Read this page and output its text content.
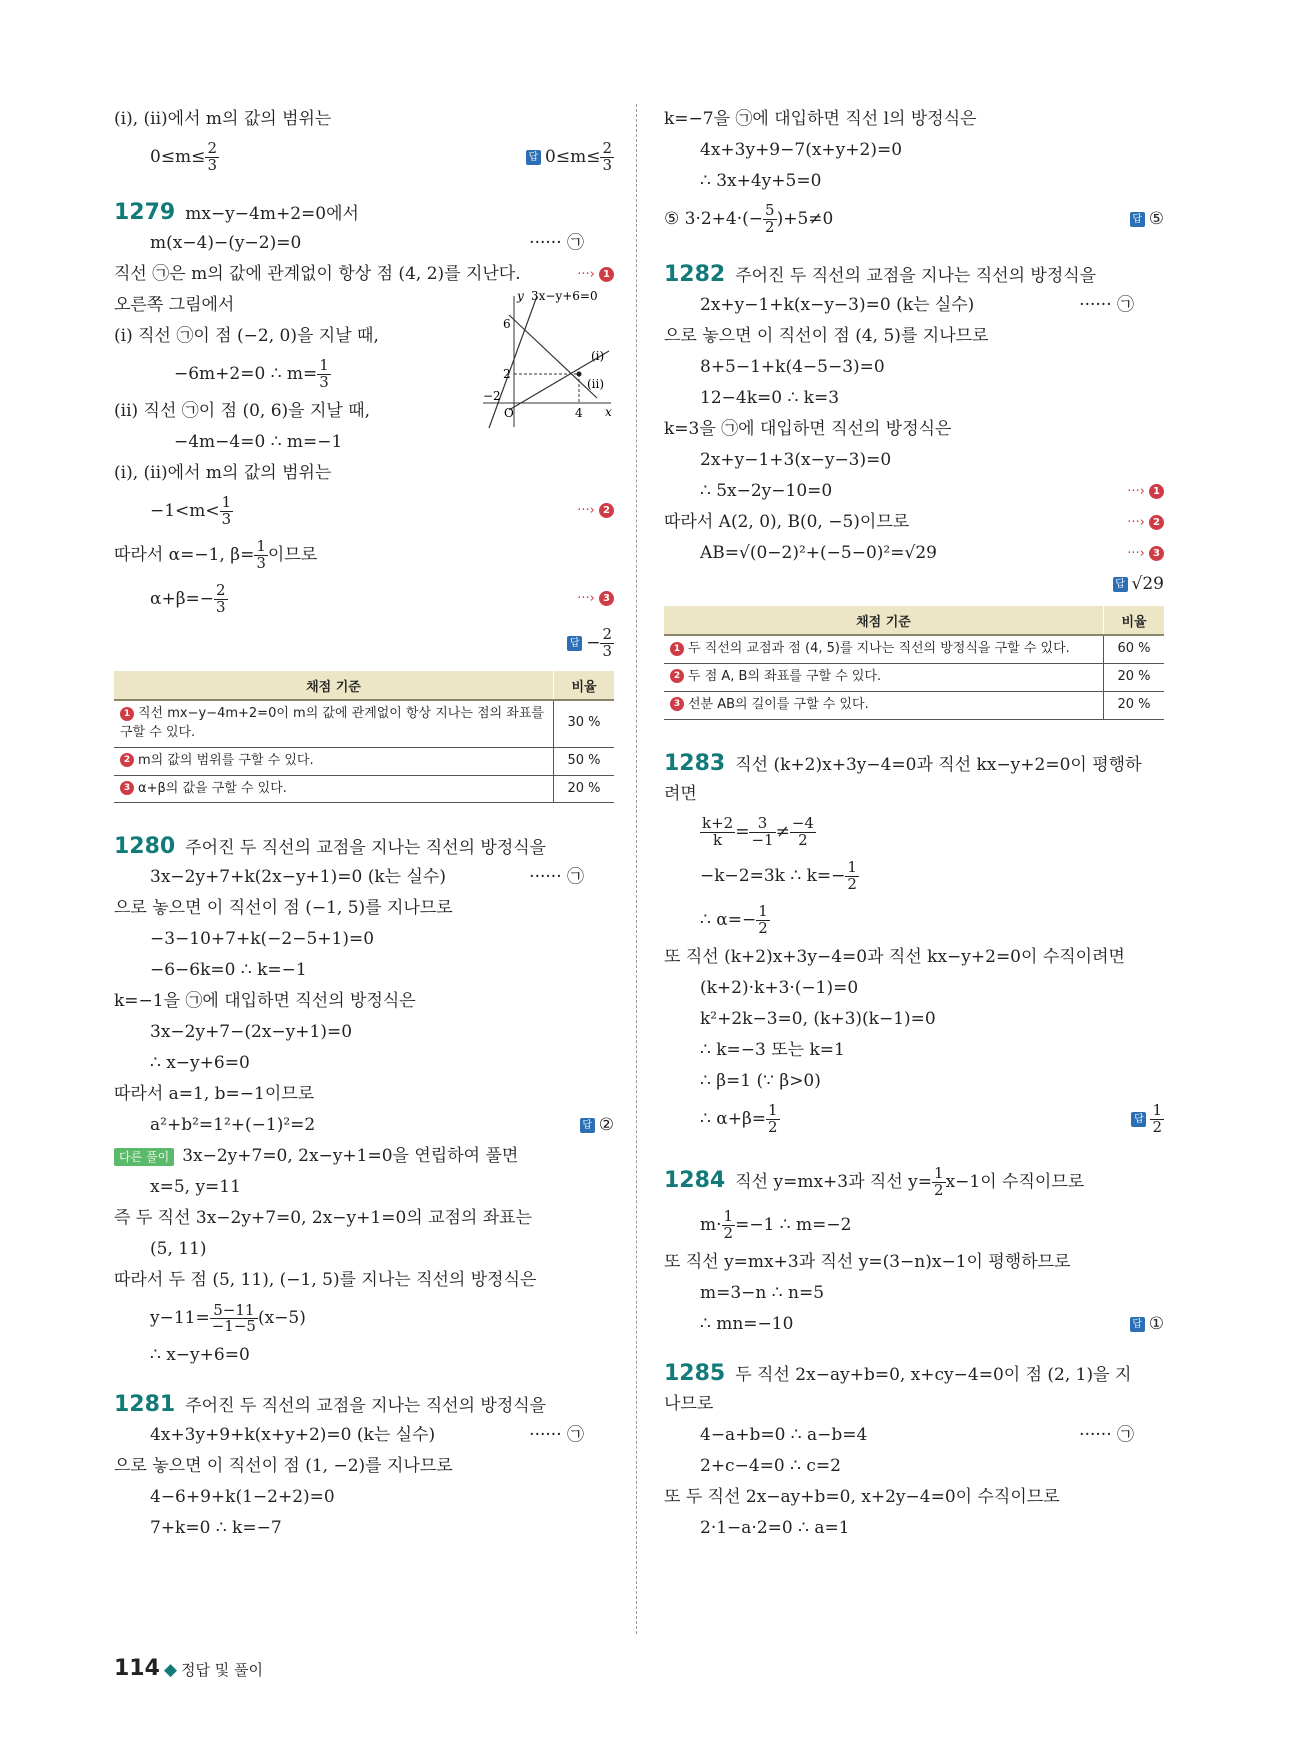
(i), (ii)에서 m의 값의 범위는
$0\le m\le \frac{2}{3}$	답 $0\le m\le \frac{2}{3}$
y 3x−y+6=0
x
O
6
2
−2
4
(i)
(ii)
1279 mx−y−4m+2=0에서
m(x−4)−(y−2)=0	······ ㉠
직선 ㉠은 m의 값에 관계없이 항상 점 (4, 2)를 지난다.	···› 1
오른쪽 그림에서
(i) 직선 ㉠이 점 (−2, 0)을 지날 때,
−6m+2=0 ∴ $m= \frac{1}{3}$
(ii) 직선 ㉠이 점 (0, 6)을 지날 때,
−4m−4=0 ∴ m=−1
(i), (ii)에서 m의 값의 범위는
$-1<m< \frac{1}{3}$	···› 2
따라서 α=−1, $\beta= \frac{1}{3}$ 이므로
$\alpha+\beta=- \frac{2}{3}$	···› 3
답 − $\frac{2}{3}$
채점 기준	비율
1 직선 mx−y−4m+2=0이 m의 값에 관계없이 항상 지나는 점의 좌표를 구할 수 있다.	30 %
2 m의 값의 범위를 구할 수 있다.	50 %
3 α+β의 값을 구할 수 있다.	20 %
1280 주어진 두 직선의 교점을 지나는 직선의 방정식을
3x−2y+7+k(2x−y+1)=0 (k는 실수)	······ ㉠
으로 놓으면 이 직선이 점 (−1, 5)를 지나므로
−3−10+7+k(−2−5+1)=0
−6−6k=0 ∴ k=−1
k=−1을 ㉠에 대입하면 직선의 방정식은
3x−2y+7−(2x−y+1)=0
∴ x−y+6=0
따라서 a=1, b=−1이므로
a²+b²=1²+(−1)²=2	답 ②
다른 풀이 3x−2y+7=0, 2x−y+1=0을 연립하여 풀면
x=5, y=11
즉 두 직선 3x−2y+7=0, 2x−y+1=0의 교점의 좌표는
(5, 11)
따라서 두 점 (5, 11), (−1, 5)를 지나는 직선의 방정식은
$y-11= \frac{5-11}{-1-5} (x-5)$
∴ x−y+6=0
1281 주어진 두 직선의 교점을 지나는 직선의 방정식을
4x+3y+9+k(x+y+2)=0 (k는 실수)	······ ㉠
으로 놓으면 이 직선이 점 (1, −2)를 지나므로
4−6+9+k(1−2+2)=0
7+k=0 ∴ k=−7
k=−7을 ㉠에 대입하면 직선 l의 방정식은
4x+3y+9−7(x+y+2)=0
∴ 3x+4y+5=0
⑤ $3\cdot 2+4\cdot(- \frac{5}{2} )+5\ne 0$	답 ⑤
1282 주어진 두 직선의 교점을 지나는 직선의 방정식을
2x+y−1+k(x−y−3)=0 (k는 실수)	······ ㉠
으로 놓으면 이 직선이 점 (4, 5)를 지나므로
8+5−1+k(4−5−3)=0
12−4k=0 ∴ k=3
k=3을 ㉠에 대입하면 직선의 방정식은
2x+y−1+3(x−y−3)=0
∴ 5x−2y−10=0	···› 1
따라서 A(2, 0), B(0, −5)이므로	···› 2
AB=√(0−2)²+(−5−0)²=√29	···› 3
답 √29
채점 기준	비율
1 두 직선의 교점과 점 (4, 5)를 지나는 직선의 방정식을 구할 수 있다.	60 %
2 두 점 A, B의 좌표를 구할 수 있다.	20 %
3 선분 AB의 길이를 구할 수 있다.	20 %
1283 직선 (k+2)x+3y−4=0과 직선 kx−y+2=0이 평행하
려면
$\frac{k+2}{k} = \frac{3}{-1} \ne \frac{-4}{2}$
−k−2=3k ∴ $k=- \frac{1}{2}$
∴ $\alpha=- \frac{1}{2}$
또 직선 (k+2)x+3y−4=0과 직선 kx−y+2=0이 수직이려면
(k+2)·k+3·(−1)=0
k²+2k−3=0, (k+3)(k−1)=0
∴ k=−3 또는 k=1
∴ β=1 (∵ β>0)
∴ $\alpha+\beta= \frac{1}{2}$	답 $\frac{1}{2}$
1284 직선 y=mx+3과 직선 $y= \frac{1}{2} x-1$이 수직이므로
$m\cdot \frac{1}{2} =-1$ ∴ m=−2
또 직선 y=mx+3과 직선 y=(3−n)x−1이 평행하므로
m=3−n ∴ n=5
∴ mn=−10	답 ①
1285 두 직선 2x−ay+b=0, x+cy−4=0이 점 (2, 1)을 지
나므로
4−a+b=0 ∴ a−b=4	······ ㉠
2+c−4=0 ∴ c=2
또 두 직선 2x−ay+b=0, x+2y−4=0이 수직이므로
2·1−a·2=0 ∴ a=1
114 ◆ 정답 및 풀이
